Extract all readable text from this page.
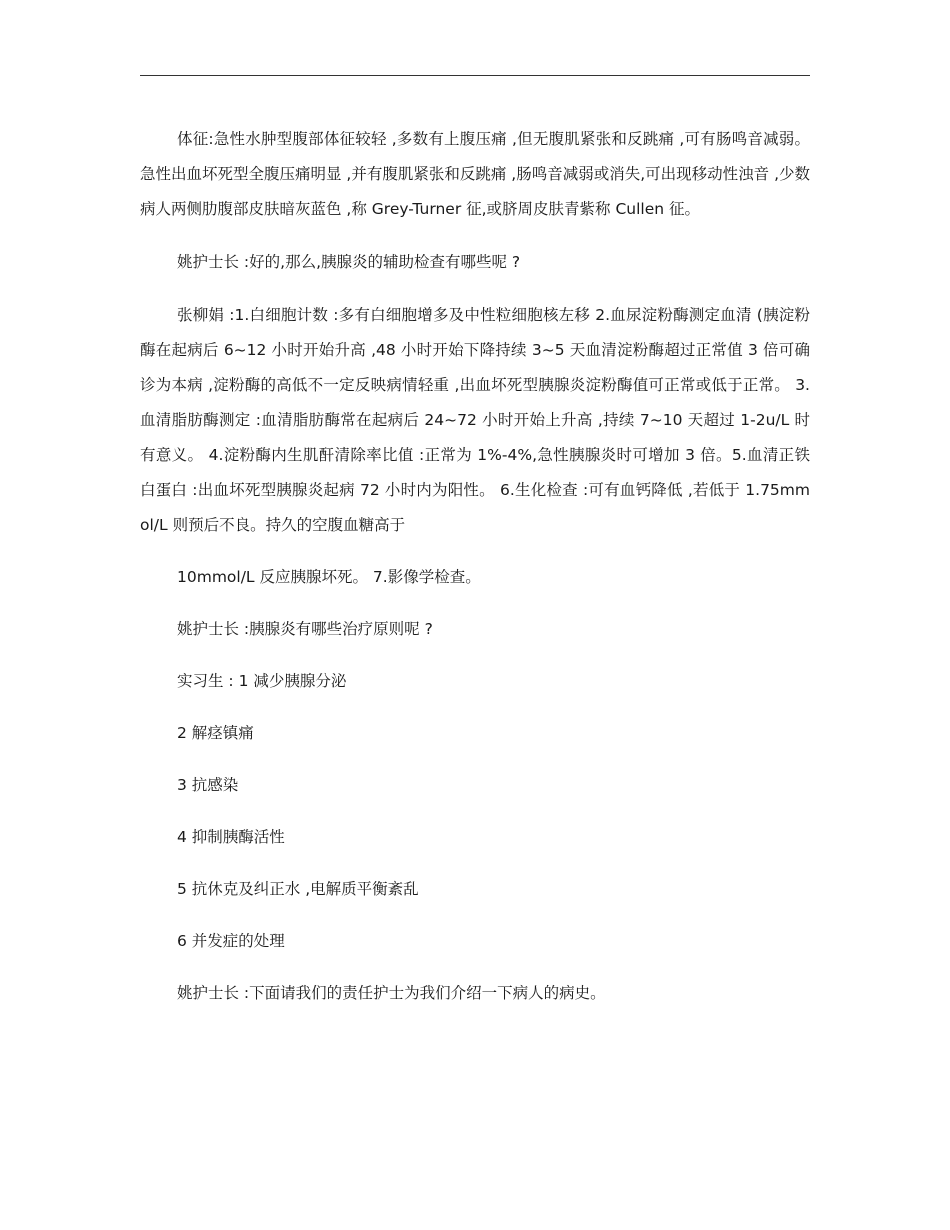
体征:急性水肿型腹部体征较轻 ,多数有上腹压痛 ,但无腹肌紧张和反跳痛 ,可有肠鸣音减弱。急性出血坏死型全腹压痛明显 ,并有腹肌紧张和反跳痛 ,肠鸣音减弱或消失,可出现移动性浊音 ,少数病人两侧肋腹部皮肤暗灰蓝色 ,称 Grey-Turner 征,或脐周皮肤青紫称 Cullen 征。

姚护士长 :好的,那么,胰腺炎的辅助检查有哪些呢 ?

张柳娟 :1.白细胞计数 :多有白细胞增多及中性粒细胞核左移 2.血尿淀粉酶测定血清 (胰淀粉酶在起病后 6~12 小时开始升高 ,48 小时开始下降持续 3~5 天血清淀粉酶超过正常值 3 倍可确诊为本病 ,淀粉酶的高低不一定反映病情轻重 ,出血坏死型胰腺炎淀粉酶值可正常或低于正常。 3.血清脂肪酶测定 :血清脂肪酶常在起病后 24~72 小时开始上升高 ,持续 7~10 天超过 1-2u/L 时有意义。 4.淀粉酶内生肌酐清除率比值 :正常为 1%-4%,急性胰腺炎时可增加 3 倍。5.血清正铁白蛋白 :出血坏死型胰腺炎起病 72 小时内为阳性。 6.生化检查 :可有血钙降低 ,若低于 1.75mmol/L 则预后不良。持久的空腹血糖高于

10mmol/L 反应胰腺坏死。 7.影像学检查。

姚护士长 :胰腺炎有哪些治疗原则呢 ?

实习生 : 1 减少胰腺分泌

2 解痉镇痛

3 抗感染

4 抑制胰酶活性

5 抗休克及纠正水 ,电解质平衡紊乱

6 并发症的处理

姚护士长 :下面请我们的责任护士为我们介绍一下病人的病史。
